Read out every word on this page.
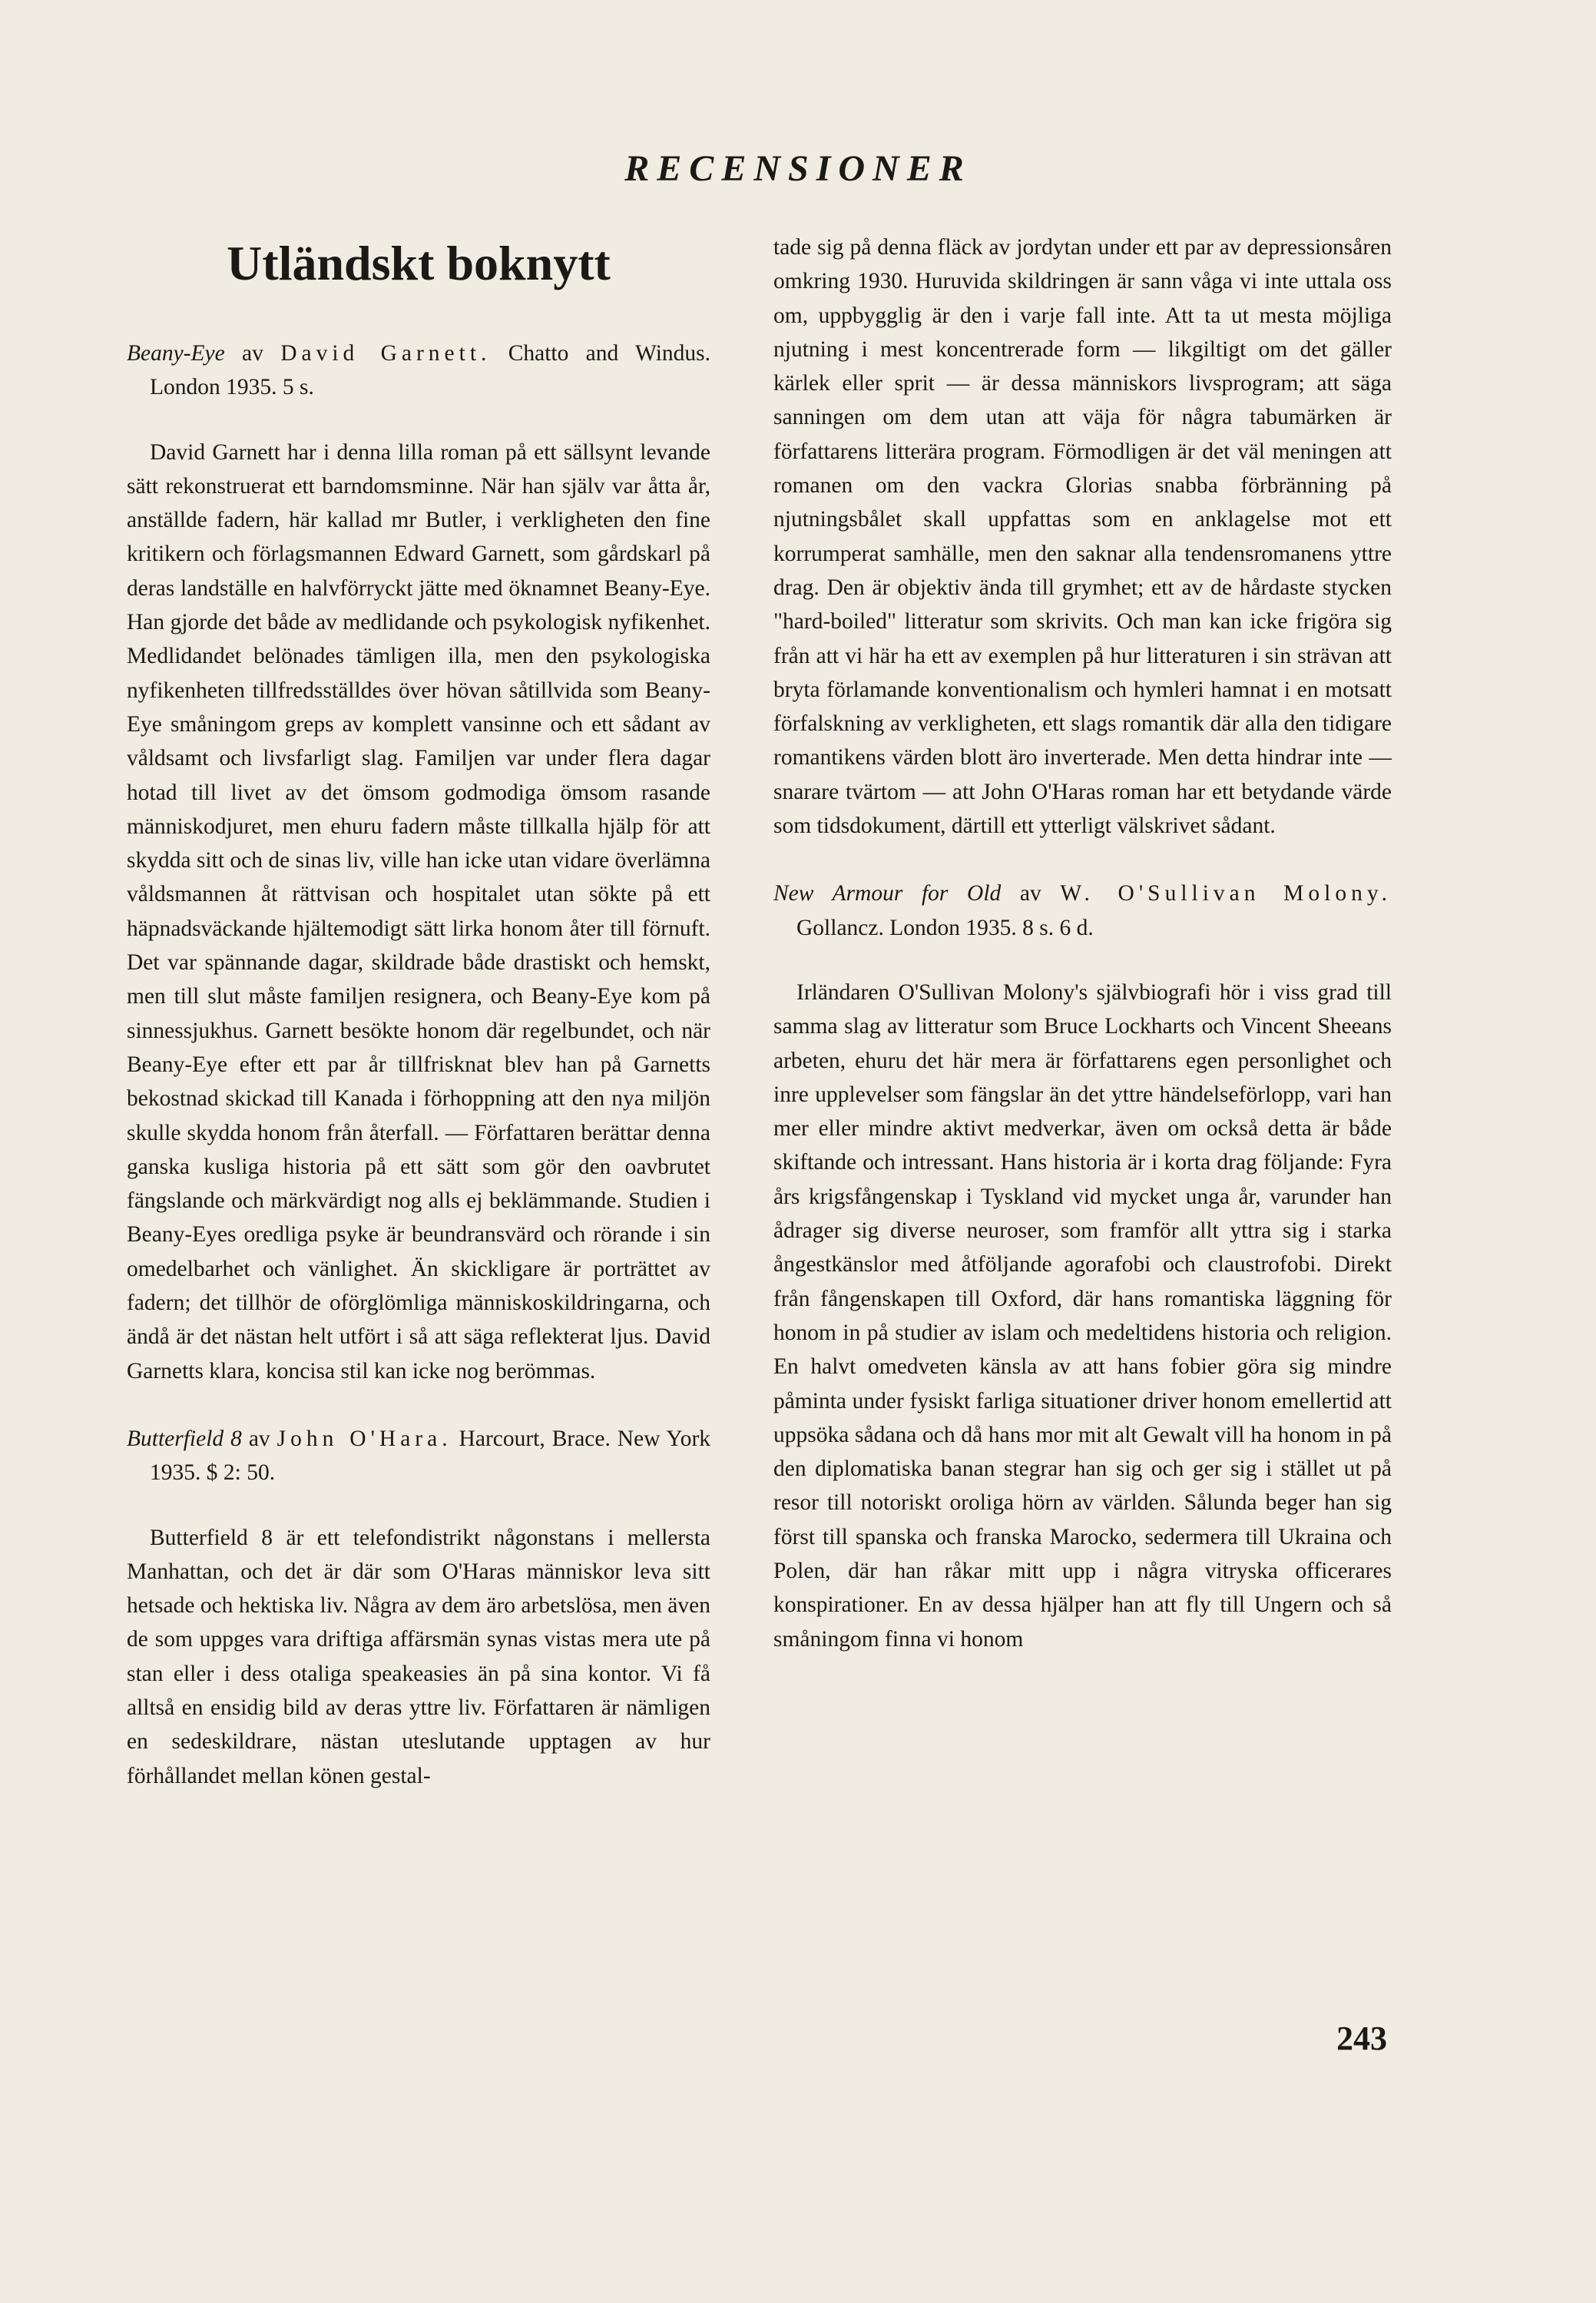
RECENSIONER
Utländskt boknytt
Beany-Eye av David Garnett. Chatto and Windus. London 1935. 5 s.
David Garnett har i denna lilla roman på ett sällsynt levande sätt rekonstruerat ett barndomsminne. När han själv var åtta år, anställde fadern, här kallad mr Butler, i verkligheten den fine kritikern och förlagsmannen Edward Garnett, som gårdskarl på deras landställe en halvförryckt jätte med öknamnet Beany-Eye. Han gjorde det både av medlidande och psykologisk nyfikenhet. Medlidandet belönades tämligen illa, men den psykologiska nyfikenheten tillfredsställdes över hövan såtillvida som Beany-Eye småningom greps av komplett vansinne och ett sådant av våldsamt och livsfarligt slag. Familjen var under flera dagar hotad till livet av det ömsom godmodiga ömsom rasande människodjuret, men ehuru fadern måste tillkalla hjälp för att skydda sitt och de sinas liv, ville han icke utan vidare överlämna våldsmannen åt rättvisan och hospitalet utan sökte på ett häpnadsväckande hjältemodigt sätt lirka honom åter till förnuft. Det var spännande dagar, skildrade både drastiskt och hemskt, men till slut måste familjen resignera, och Beany-Eye kom på sinnessjukhus. Garnett besökte honom där regelbundet, och när Beany-Eye efter ett par år tillfrisknat blev han på Garnetts bekostnad skickad till Kanada i förhoppning att den nya miljön skulle skydda honom från återfall. — Författaren berättar denna ganska kusliga historia på ett sätt som gör den oavbrutet fängslande och märkvärdigt nog alls ej beklämmande. Studien i Beany-Eyes oredliga psyke är beundransvärd och rörande i sin omedelbarhet och vänlighet. Än skickligare är porträttet av fadern; det tillhör de oförglömliga människoskildringarna, och ändå är det nästan helt utfört i så att säga reflekterat ljus. David Garnetts klara, koncisa stil kan icke nog berömmas.
Butterfield 8 av John O'Hara. Harcourt, Brace. New York 1935. $ 2: 50.
Butterfield 8 är ett telefondistrikt någonstans i mellersta Manhattan, och det är där som O'Haras människor leva sitt hetsade och hektiska liv. Några av dem äro arbetslösa, men även de som uppges vara driftiga affärsmän synas vistas mera ute på stan eller i dess otaliga speakeasies än på sina kontor. Vi få alltså en ensidig bild av deras yttre liv. Författaren är nämligen en sedeskildrare, nästan uteslutande upptagen av hur förhållandet mellan könen gestal-
tade sig på denna fläck av jordytan under ett par av depressionsåren omkring 1930. Huruvida skildringen är sann våga vi inte uttala oss om, uppbygglig är den i varje fall inte. Att ta ut mesta möjliga njutning i mest koncentrerade form — likgiltigt om det gäller kärlek eller sprit — är dessa människors livsprogram; att säga sanningen om dem utan att väja för några tabumärken är författarens litterära program. Förmodligen är det väl meningen att romanen om den vackra Glorias snabba förbränning på njutningsbålet skall uppfattas som en anklagelse mot ett korrumperat samhälle, men den saknar alla tendensromanens yttre drag. Den är objektiv ända till grymhet; ett av de hårdaste stycken "hard-boiled" litteratur som skrivits. Och man kan icke frigöra sig från att vi här ha ett av exemplen på hur litteraturen i sin strävan att bryta förlamande konventionalism och hymleri hamnat i en motsatt förfalskning av verkligheten, ett slags romantik där alla den tidigare romantikens värden blott äro inverterade. Men detta hindrar inte — snarare tvärtom — att John O'Haras roman har ett betydande värde som tidsdokument, därtill ett ytterligt välskrivet sådant.
New Armour for Old av W. O'Sullivan Molony. Gollancz. London 1935. 8 s. 6 d.
Irländaren O'Sullivan Molony's självbiografi hör i viss grad till samma slag av litteratur som Bruce Lockharts och Vincent Sheeans arbeten, ehuru det här mera är författarens egen personlighet och inre upplevelser som fängslar än det yttre händelseförlopp, vari han mer eller mindre aktivt medverkar, även om också detta är både skiftande och intressant. Hans historia är i korta drag följande: Fyra års krigsfångenskap i Tyskland vid mycket unga år, varunder han ådrager sig diverse neuroser, som framför allt yttra sig i starka ångestkänslor med åtföljande agorafobi och claustrofobi. Direkt från fångenskapen till Oxford, där hans romantiska läggning för honom in på studier av islam och medeltidens historia och religion. En halvt omedveten känsla av att hans fobier göra sig mindre påminta under fysiskt farliga situationer driver honom emellertid att uppsöka sådana och då hans mor mit alt Gewalt vill ha honom in på den diplomatiska banan stegrar han sig och ger sig i stället ut på resor till notoriskt oroliga hörn av världen. Sålunda beger han sig först till spanska och franska Marocko, sedermera till Ukraina och Polen, där han råkar mitt upp i några vitryska officerares konspirationer. En av dessa hjälper han att fly till Ungern och så småningom finna vi honom
243
